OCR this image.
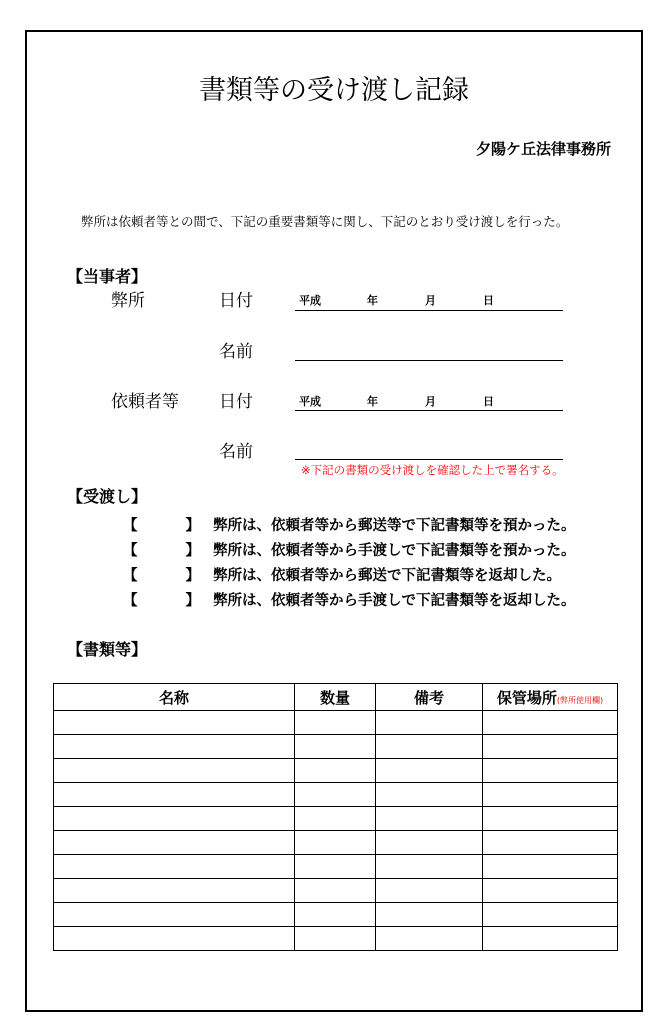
書類等の受け渡し記録
夕陽ケ丘法律事務所
弊所は依頼者等との間で、下記の重要書類等に関し、下記のとおり受け渡しを行った。
【当事者】
弊所	日付	平成	年	月	日
名前
依頼者等 日付	平成	年	月	日
名前
※下記の書類の受け渡しを確認した上で署名する。
【受渡し】
【	】 弊所は、依頼者等から郵送等で下記書類等を預かった。
【	】 弊所は、依頼者等から手渡しで下記書類等を預かった。
【	】 弊所は、依頼者等から郵送で下記書類等を返却した。
【	】 弊所は、依頼者等から手渡しで下記書類等を返却した。
【書類等】
名称	数量	備考	保管場所(弊所使用欄)
